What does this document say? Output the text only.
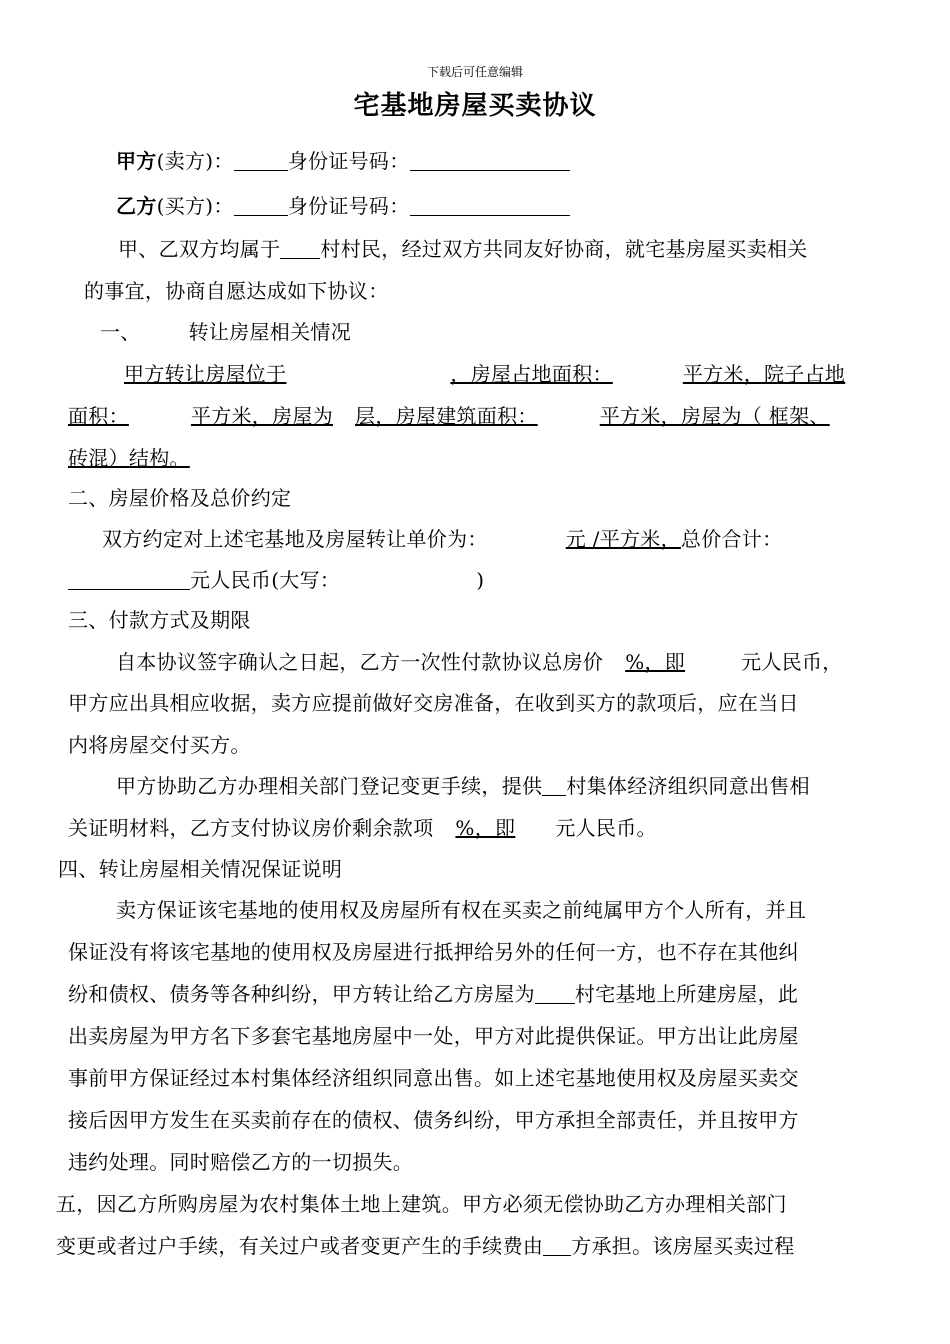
下载后可任意编辑
宅基地房屋买卖协议
甲方(卖方)：	身份证号码：
乙方(买方)：	身份证号码：
甲、乙双方均属于 村村民，经过双方共同友好协商，就宅基房屋买卖相关
的事宜，协商自愿达成如下协议：
一、 转让房屋相关情况
甲方转让房屋位于	，房屋占地面积：	平方米，院子占地
面积：	平方米，房屋为 层，房屋建筑面积：	平方米，房屋为（ 框架、
砖混）结构。
二、房屋价格及总价约定
双方约定对上述宅基地及房屋转让单价为：	元 /平方米，总价合计：
元人民币(大写：	)
三、付款方式及期限
自本协议签字确认之日起，乙方一次性付款协议总房价 %，即	元人民币，
甲方应出具相应收据，卖方应提前做好交房准备，在收到买方的款项后，应在当日
内将房屋交付买方。
甲方协助乙方办理相关部门登记变更手续，提供 村集体经济组织同意出售相
关证明材料，乙方支付协议房价剩余款项 %，即 元人民币。
四、转让房屋相关情况保证说明
卖方保证该宅基地的使用权及房屋所有权在买卖之前纯属甲方个人所有，并且
保证没有将该宅基地的使用权及房屋进行抵押给另外的任何一方，也不存在其他纠
纷和债权、债务等各种纠纷，甲方转让给乙方房屋为 村宅基地上所建房屋，此
出卖房屋为甲方名下多套宅基地房屋中一处，甲方对此提供保证。甲方出让此房屋
事前甲方保证经过本村集体经济组织同意出售。如上述宅基地使用权及房屋买卖交
接后因甲方发生在买卖前存在的债权、债务纠纷，甲方承担全部责任，并且按甲方
违约处理。同时赔偿乙方的一切损失。
五，因乙方所购房屋为农村集体土地上建筑。甲方必须无偿协助乙方办理相关部门
变更或者过户手续，有关过户或者变更产生的手续费由 方承担。该房屋买卖过程
